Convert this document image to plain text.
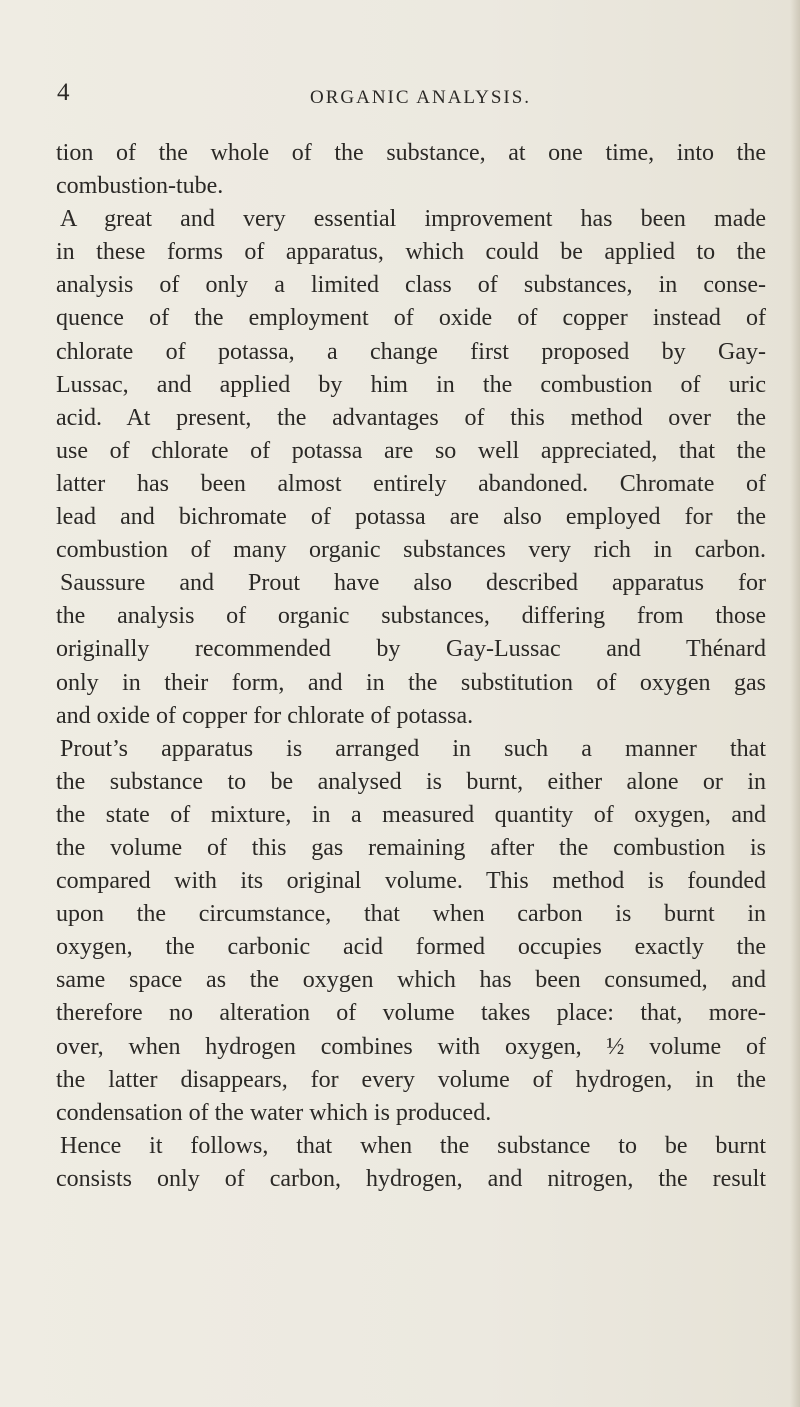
4	ORGANIC ANALYSIS.
tion of the whole of the substance, at one time, into the
combustion-tube.
A great and very essential improvement has been made
in these forms of apparatus, which could be applied to the
analysis of only a limited class of substances, in conse-
quence of the employment of oxide of copper instead of
chlorate of potassa, a change first proposed by Gay-
Lussac, and applied by him in the combustion of uric
acid. At present, the advantages of this method over the
use of chlorate of potassa are so well appreciated, that the
latter has been almost entirely abandoned. Chromate of
lead and bichromate of potassa are also employed for the
combustion of many organic substances very rich in carbon.
Saussure and Prout have also described apparatus for
the analysis of organic substances, differing from those
originally recommended by Gay-Lussac and Thénard
only in their form, and in the substitution of oxygen gas
and oxide of copper for chlorate of potassa.
Prout’s apparatus is arranged in such a manner that
the substance to be analysed is burnt, either alone or in
the state of mixture, in a measured quantity of oxygen, and
the volume of this gas remaining after the combustion is
compared with its original volume. This method is founded
upon the circumstance, that when carbon is burnt in
oxygen, the carbonic acid formed occupies exactly the
same space as the oxygen which has been consumed, and
therefore no alteration of volume takes place: that, more-
over, when hydrogen combines with oxygen, ½ volume of
the latter disappears, for every volume of hydrogen, in the
condensation of the water which is produced.
Hence it follows, that when the substance to be burnt
consists only of carbon, hydrogen, and nitrogen, the result
